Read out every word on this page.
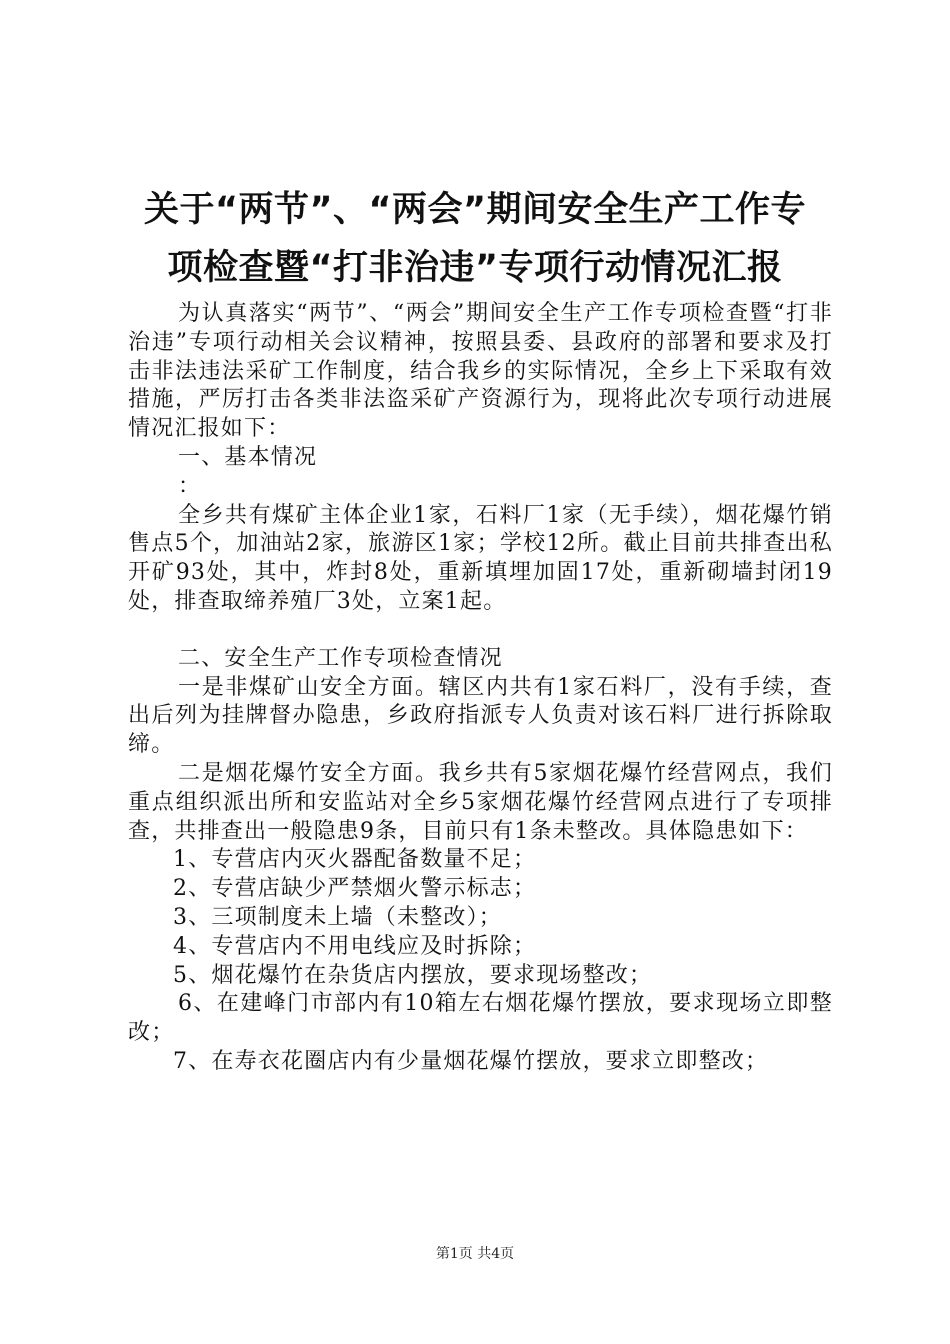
关于“两节”、“两会”期间安全生产工作专
项检查暨“打非治违”专项行动情况汇报

为认真落实“两节”、“两会”期间安全生产工作专项检查暨“打非治违”专项行动相关会议精神，按照县委、县政府的部署和要求及打击非法违法采矿工作制度，结合我乡的实际情况，全乡上下采取有效措施，严厉打击各类非法盗采矿产资源行为，现将此次专项行动进展情况汇报如下：

一、基本情况

：

全乡共有煤矿主体企业1家，石料厂1家（无手续），烟花爆竹销售点5个，加油站2家，旅游区1家；学校12所。截止目前共排查出私开矿93处，其中，炸封8处，重新填埋加固17处，重新砌墙封闭19处，排查取缔养殖厂3处，立案1起。

二、安全生产工作专项检查情况

一是非煤矿山安全方面。辖区内共有1家石料厂，没有手续，查出后列为挂牌督办隐患，乡政府指派专人负责对该石料厂进行拆除取缔。

二是烟花爆竹安全方面。我乡共有5家烟花爆竹经营网点，我们重点组织派出所和安监站对全乡5家烟花爆竹经营网点进行了专项排查，共排查出一般隐患9条，目前只有1条未整改。具体隐患如下：

1、专营店内灭火器配备数量不足；

2、专营店缺少严禁烟火警示标志；

3、三项制度未上墙（未整改）；

4、专营店内不用电线应及时拆除；

5、烟花爆竹在杂货店内摆放，要求现场整改；

6、在建峰门市部内有10箱左右烟花爆竹摆放，要求现场立即整改；

7、在寿衣花圈店内有少量烟花爆竹摆放，要求立即整改；

第1页 共4页
